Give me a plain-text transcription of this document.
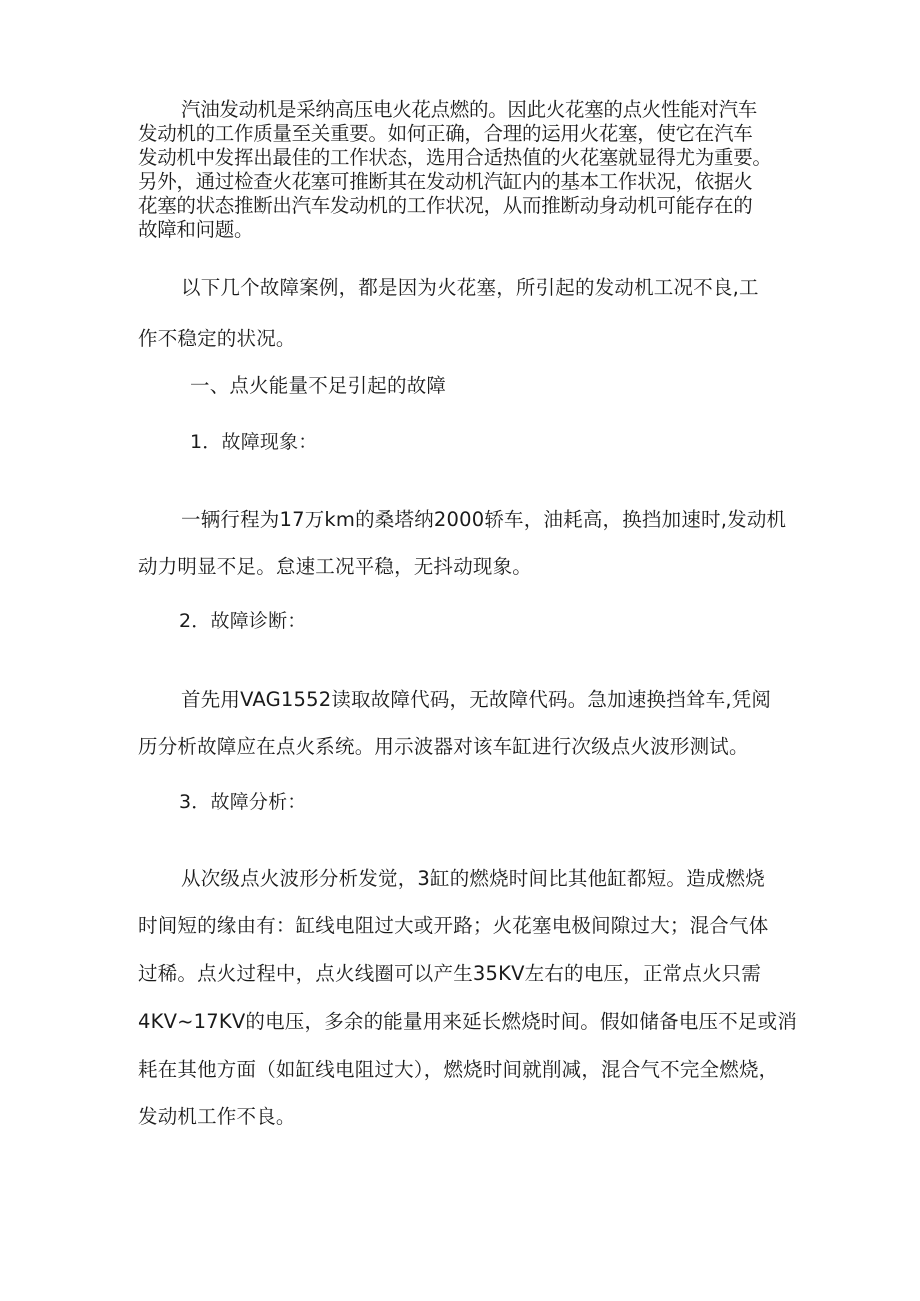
汽油发动机是采纳高压电火花点燃的。因此火花塞的点火性能对汽车
发动机的工作质量至关重要。如何正确，合理的运用火花塞，使它在汽车
发动机中发挥出最佳的工作状态，选用合适热值的火花塞就显得尤为重要。
另外，通过检查火花塞可推断其在发动机汽缸内的基本工作状况，依据火
花塞的状态推断出汽车发动机的工作状况，从而推断动身动机可能存在的
故障和问题。
以下几个故障案例，都是因为火花塞，所引起的发动机工况不良,工
作不稳定的状况。
一、点火能量不足引起的故障
1．故障现象：
一辆行程为17万km的桑塔纳2000轿车，油耗高，换挡加速时,发动机
动力明显不足。怠速工况平稳，无抖动现象。
2．故障诊断：
首先用VAG1552读取故障代码，无故障代码。急加速换挡耸车,凭阅
历分析故障应在点火系统。用示波器对该车缸进行次级点火波形测试。
3．故障分析：
从次级点火波形分析发觉，3缸的燃烧时间比其他缸都短。造成燃烧
时间短的缘由有：缸线电阻过大或开路；火花塞电极间隙过大；混合气体
过稀。点火过程中，点火线圈可以产生35KV左右的电压，正常点火只需
4KV~17KV的电压，多余的能量用来延长燃烧时间。假如储备电压不足或消
耗在其他方面（如缸线电阻过大），燃烧时间就削减，混合气不完全燃烧，
发动机工作不良。
